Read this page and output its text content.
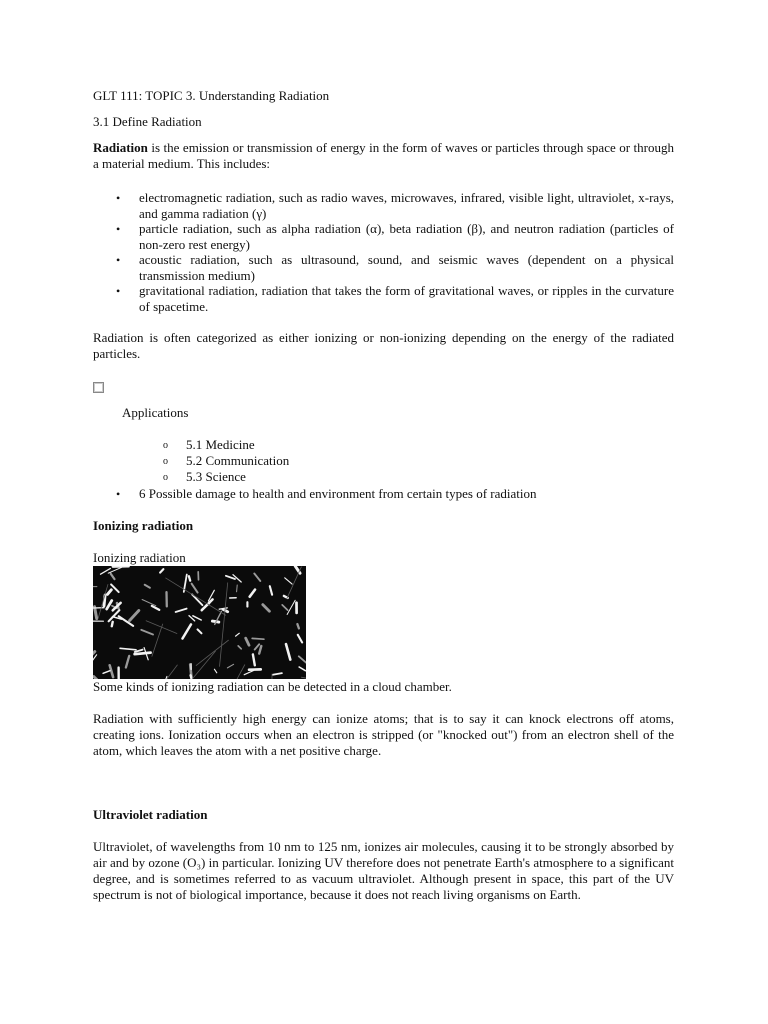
GLT 111: TOPIC 3. Understanding Radiation
3.1 Define Radiation
Radiation is the emission or transmission of energy in the form of waves or particles through space or through a material medium. This includes:
• electromagnetic radiation, such as radio waves, microwaves, infrared, visible light, ultraviolet, x-rays, and gamma radiation (γ)
• particle radiation, such as alpha radiation (α), beta radiation (β), and neutron radiation (particles of non-zero rest energy)
• acoustic radiation, such as ultrasound, sound, and seismic waves (dependent on a physical transmission medium)
• gravitational radiation, radiation that takes the form of gravitational waves, or ripples in the curvature of spacetime.
Radiation is often categorized as either ionizing or non-ionizing depending on the energy of the radiated particles.
Applications
o 5.1 Medicine
o 5.2 Communication
o 5.3 Science
• 6 Possible damage to health and environment from certain types of radiation
Ionizing radiation
Ionizing radiation
Some kinds of ionizing radiation can be detected in a cloud chamber.
Radiation with sufficiently high energy can ionize atoms; that is to say it can knock electrons off atoms, creating ions. Ionization occurs when an electron is stripped (or "knocked out") from an electron shell of the atom, which leaves the atom with a net positive charge.
Ultraviolet radiation
Ultraviolet, of wavelengths from 10 nm to 125 nm, ionizes air molecules, causing it to be strongly absorbed by air and by ozone (O₃) in particular. Ionizing UV therefore does not penetrate Earth's atmosphere to a significant degree, and is sometimes referred to as vacuum ultraviolet. Although present in space, this part of the UV spectrum is not of biological importance, because it does not reach living organisms on Earth.
